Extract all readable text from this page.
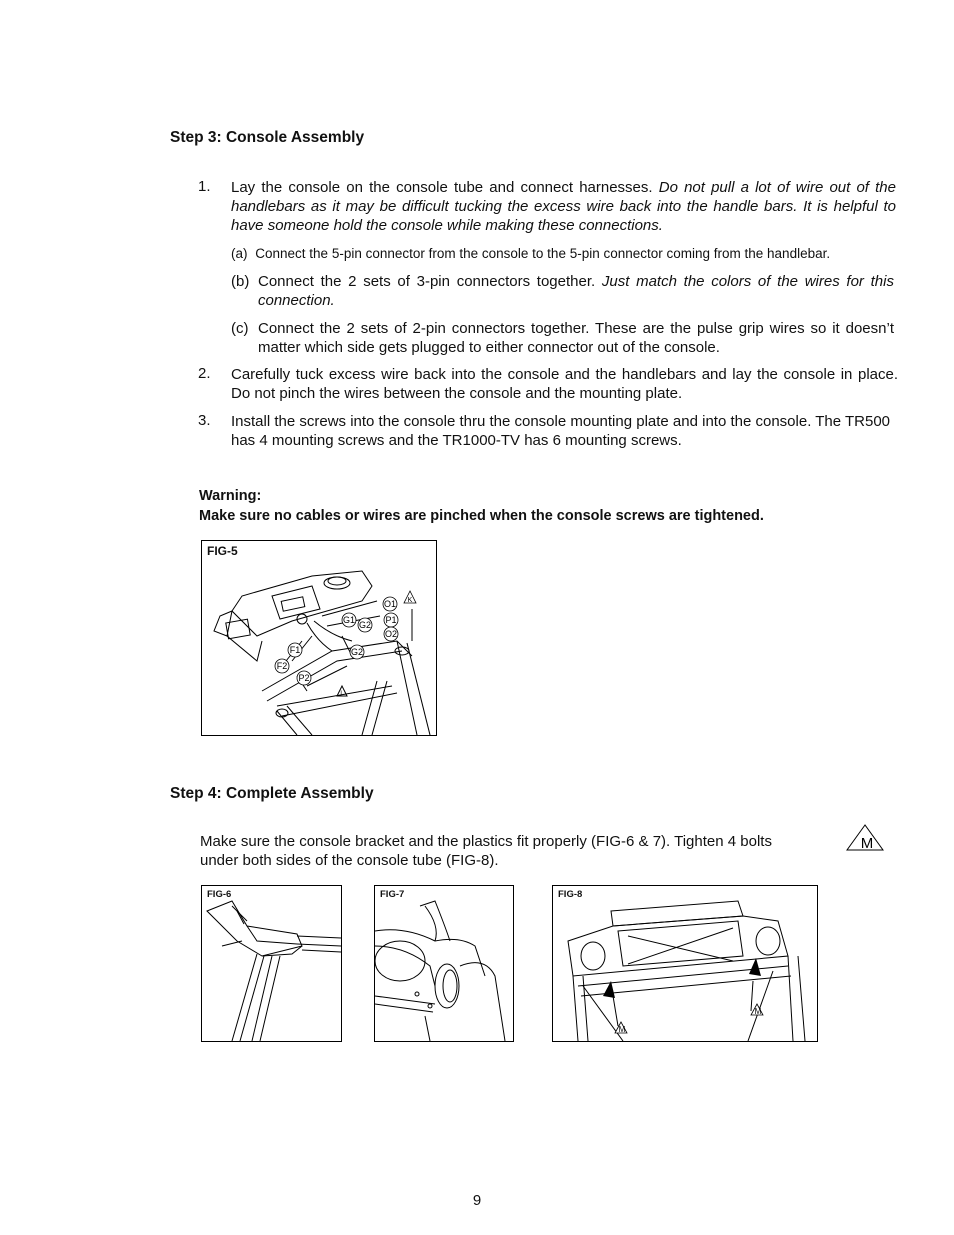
Step 3: Console Assembly
1. Lay the console on the console tube and connect harnesses. Do not pull a lot of wire out of the handlebars as it may be difficult tucking the excess wire back into the handle bars. It is helpful to have someone hold the console while making these connections.
(a) Connect the 5-pin connector from the console to the 5-pin connector coming from the handlebar.
(b) Connect the 2 sets of 3-pin connectors together. Just match the colors of the wires for this connection.
(c) Connect the 2 sets of 2-pin connectors together. These are the pulse grip wires so it doesn’t matter which side gets plugged to either connector out of the console.
2. Carefully tuck excess wire back into the console and the handlebars and lay the console in place. Do not pinch the wires between the console and the mounting plate.
3. Install the screws into the console thru the console mounting plate and into the console. The TR500 has 4 mounting screws and the TR1000-TV has 6 mounting screws.
Warning:
Make sure no cables or wires are pinched when the console screws are tightened.
FIG-5
O1 K
G1 G2 P1
O2
F1	G2
F2
P2
L
Step 4: Complete Assembly
Make sure the console bracket and the plastics fit properly (FIG-6 & 7). Tighten 4 bolts	M
under both sides of the console tube (FIG-8).
FIG-6	FIG-7	FIG-8
M
M
9
